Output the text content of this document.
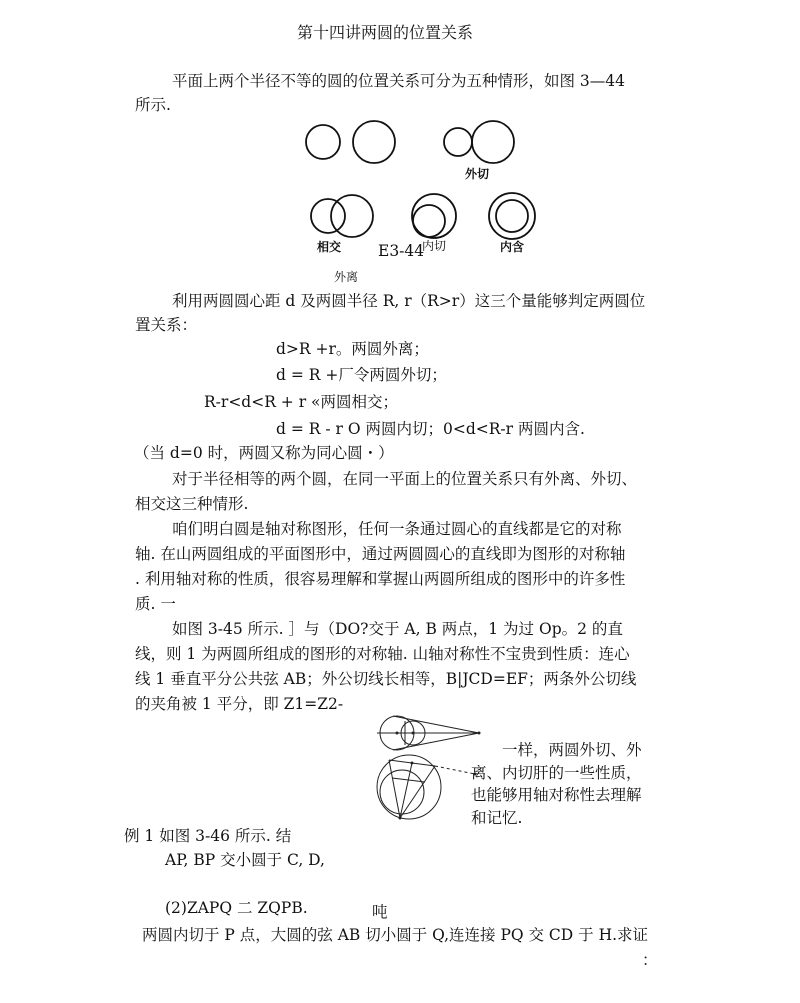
第十四讲两圆的位置关系
平面上两个半径不等的圆的位置关系可分为五种情形，如图 3—44
所示.
外切
相交	内切	内含
E3-44
外离
利用两圆圆心距 d 及两圆半径 R, r（R>r）这三个量能够判定两圆位
置关系：
d>R +r。两圆外离；
d = R +厂令两圆外切；
R-r<d<R + r «两圆相交；
d = R - r O 两圆内切；0<d<R-r 两圆内含.
（当 d=0 时，两圆又称为同心圆・）
对于半径相等的两个圆，在同一平面上的位置关系只有外离、外切、
相交这三种情形.
咱们明白圆是轴对称图形，任何一条通过圆心的直线都是它的对称
轴. 在山两圆组成的平面图形中，通过两圆圆心的直线即为图形的对称轴
. 利用轴对称的性质，很容易理解和掌握山两圆所组成的图形中的许多性
质. 一
如图 3-45 所示. ］与（DO?交于 A, B 两点，1 为过 Op。2 的直
线，则 1 为两圆所组成的图形的对称轴. 山轴对称性不宝贵到性质：连心
线 1 垂直平分公共弦 AB；外公切线长相等，B|JCD=EF；两条外公切线
的夹角被 1 平分，即 Z1=Z2-
一样，两圆外切、外
离、内切肝的一些性质，
也能够用轴对称性去理解
和记忆.
例 1 如图 3-46 所示. 结
AP, BP 交小圆于 C, D,
(2)ZAPQ 二 ZQPB.	吨
两圆内切于 P 点，大圆的弦 AB 切小圆于 Q,连连接 PQ 交 CD 于 H.求证
：
